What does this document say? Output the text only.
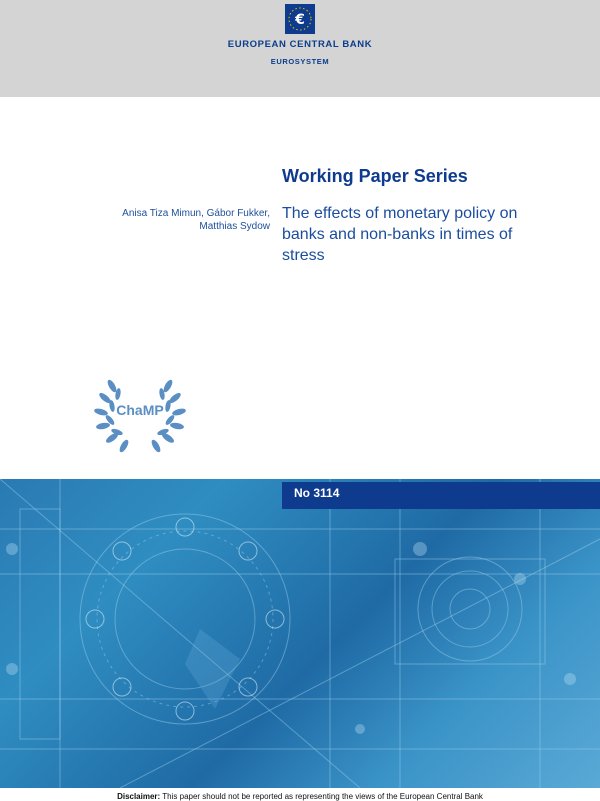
€
EUROPEAN CENTRAL BANK
EUROSYSTEM
Working Paper Series
Anisa Tiza Mimun, Gábor Fukker,
Matthias Sydow
The effects of monetary policy on banks and non-banks in times of stress
ChaMP
No 3114
Disclaimer: This paper should not be reported as representing the views of the European Central Bank
